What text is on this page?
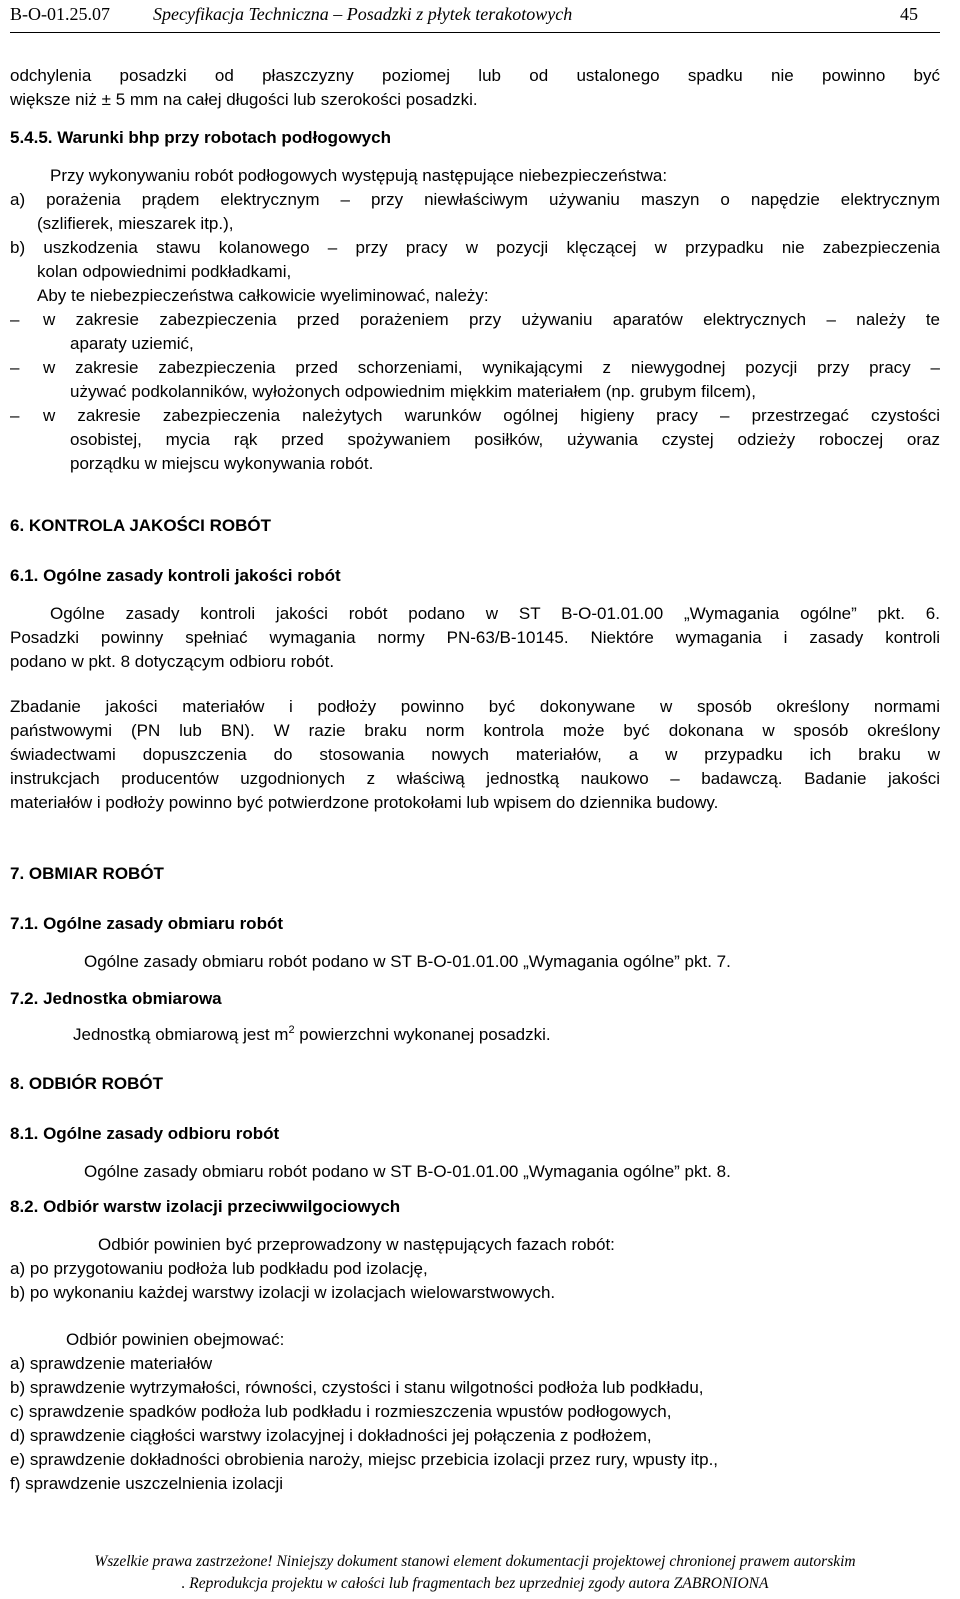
B-O-01.25.07 Specyfikacja Techniczna – Posadzki z płytek terakotowych	45
odchylenia posadzki od płaszczyzny poziomej lub od ustalonego spadku nie powinno być
większe niż ± 5 mm na całej długości lub szerokości posadzki.
5.4.5. Warunki bhp przy robotach podłogowych
Przy wykonywaniu robót podłogowych występują następujące niebezpieczeństwa:
a) porażenia prądem elektrycznym – przy niewłaściwym używaniu maszyn o napędzie elektrycznym
(szlifierek, mieszarek itp.),
b) uszkodzenia stawu kolanowego – przy pracy w pozycji klęczącej w przypadku nie zabezpieczenia
kolan odpowiednimi podkładkami,
Aby te niebezpieczeństwa całkowicie wyeliminować, należy:
– w zakresie zabezpieczenia przed porażeniem przy używaniu aparatów elektrycznych – należy te
aparaty uziemić,
– w zakresie zabezpieczenia przed schorzeniami, wynikającymi z niewygodnej pozycji przy pracy –
używać podkolanników, wyłożonych odpowiednim miękkim materiałem (np. grubym filcem),
– w zakresie zabezpieczenia należytych warunków ogólnej higieny pracy – przestrzegać czystości
osobistej, mycia rąk przed spożywaniem posiłków, używania czystej odzieży roboczej oraz
porządku w miejscu wykonywania robót.
6. KONTROLA JAKOŚCI ROBÓT
6.1. Ogólne zasady kontroli jakości robót
Ogólne zasady kontroli jakości robót podano w ST B-O-01.01.00 „Wymagania ogólne” pkt. 6.
Posadzki powinny spełniać wymagania normy PN-63/B-10145. Niektóre wymagania i zasady kontroli
podano w pkt. 8 dotyczącym odbioru robót.
Zbadanie jakości materiałów i podłoży powinno być dokonywane w sposób określony normami
państwowymi (PN lub BN). W razie braku norm kontrola może być dokonana w sposób określony
świadectwami dopuszczenia do stosowania nowych materiałów, a w przypadku ich braku w
instrukcjach producentów uzgodnionych z właściwą jednostką naukowo – badawczą. Badanie jakości
materiałów i podłoży powinno być potwierdzone protokołami lub wpisem do dziennika budowy.
7. OBMIAR ROBÓT
7.1. Ogólne zasady obmiaru robót
Ogólne zasady obmiaru robót podano w ST B-O-01.01.00 „Wymagania ogólne” pkt. 7.
7.2. Jednostka obmiarowa
Jednostką obmiarową jest $m^2$ powierzchni wykonanej posadzki.
8. ODBIÓR ROBÓT
8.1. Ogólne zasady odbioru robót
Ogólne zasady obmiaru robót podano w ST B-O-01.01.00 „Wymagania ogólne” pkt. 8.
8.2. Odbiór warstw izolacji przeciwwilgociowych
Odbiór powinien być przeprowadzony w następujących fazach robót:
a) po przygotowaniu podłoża lub podkładu pod izolację,
b) po wykonaniu każdej warstwy izolacji w izolacjach wielowarstwowych.
Odbiór powinien obejmować:
a) sprawdzenie materiałów
b) sprawdzenie wytrzymałości, równości, czystości i stanu wilgotności podłoża lub podkładu,
c) sprawdzenie spadków podłoża lub podkładu i rozmieszczenia wpustów podłogowych,
d) sprawdzenie ciągłości warstwy izolacyjnej i dokładności jej połączenia z podłożem,
e) sprawdzenie dokładności obrobienia naroży, miejsc przebicia izolacji przez rury, wpusty itp.,
f) sprawdzenie uszczelnienia izolacji
Wszelkie prawa zastrzeżone! Niniejszy dokument stanowi element dokumentacji projektowej chronionej prawem autorskim
. Reprodukcja projektu w całości lub fragmentach bez uprzedniej zgody autora ZABRONIONA
